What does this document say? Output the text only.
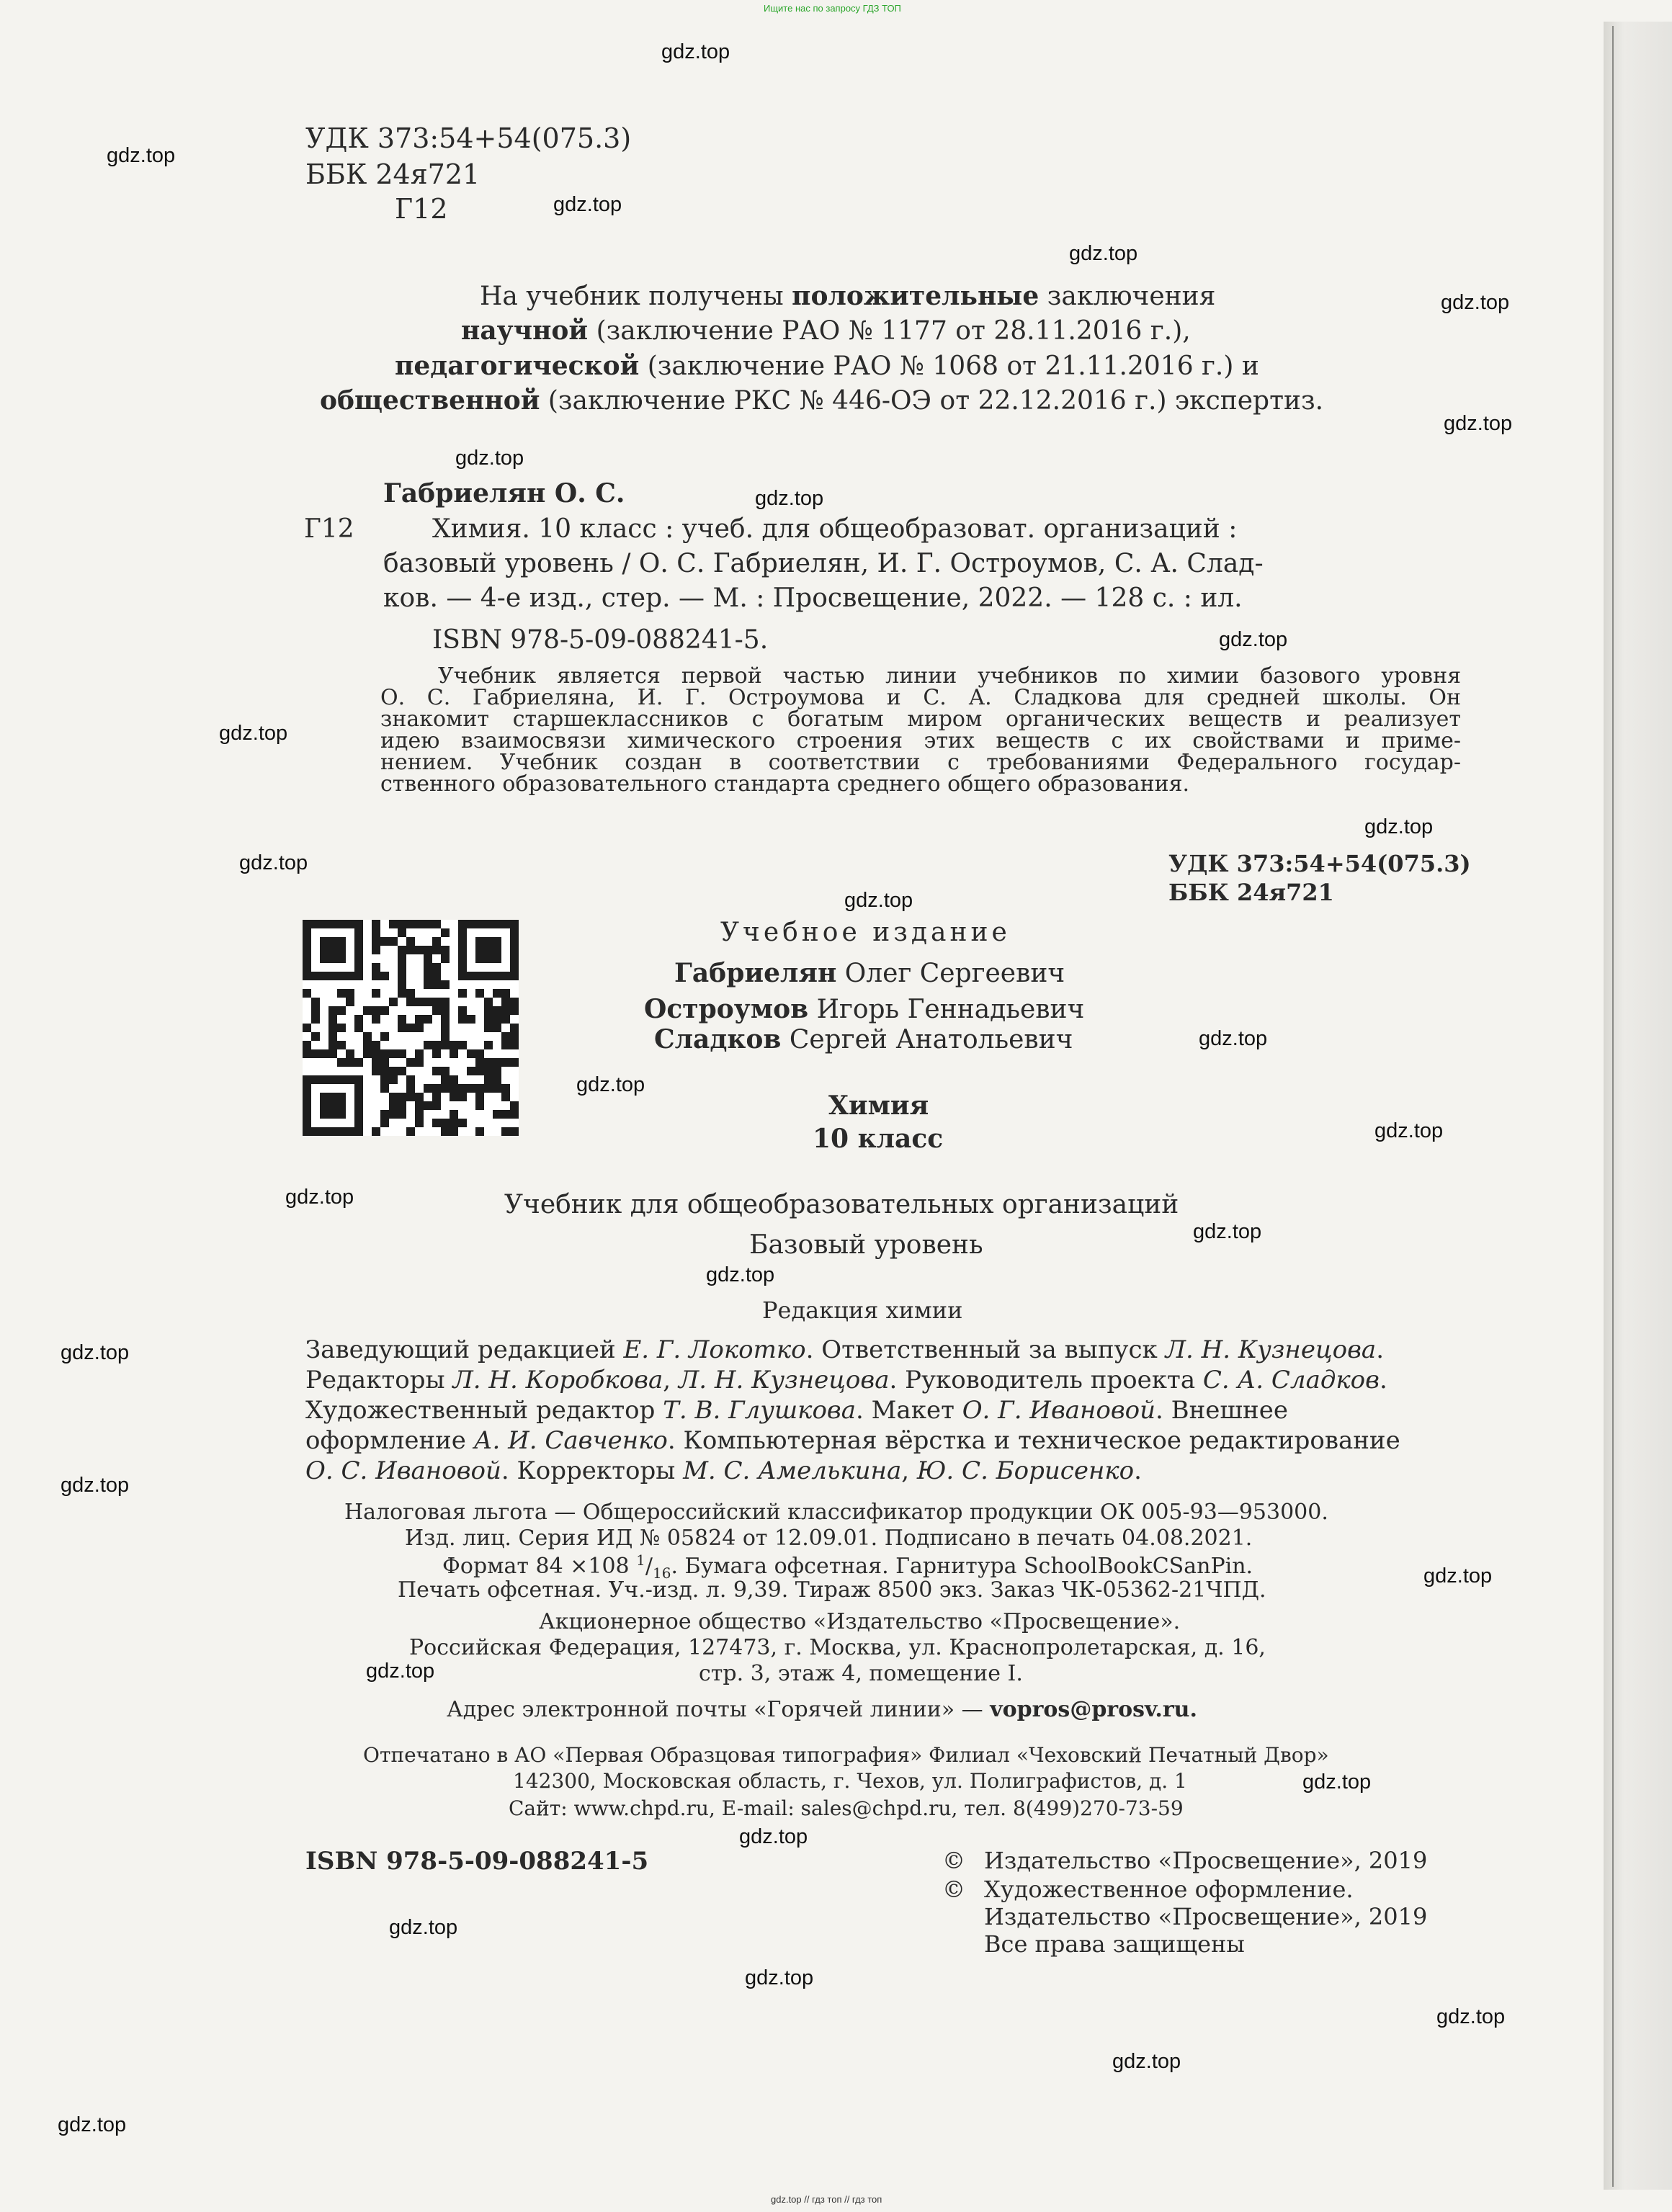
Ищите нас по запросу ГДЗ ТОП
УДК 373:54+54(075.3)
ББК 24я721
Г12
На учебник получены положительные заключения
научной (заключение РАО № 1177 от 28.11.2016 г.),
педагогической (заключение РАО № 1068 от 21.11.2016 г.) и
общественной (заключение РКС № 446-ОЭ от 22.12.2016 г.) экспертиз.
Габриелян О. С.
Г12	Химия. 10 класс : учеб. для общеобразоват. организаций :
базовый уровень / О. С. Габриелян, И. Г. Остроумов, С. А. Слад-
ков. — 4-е изд., стер. — М. : Просвещение, 2022. — 128 с. : ил.
ISBN 978-5-09-088241-5.
Учебник является первой частью линии учебников по химии базового уровня
О. С. Габриеляна, И. Г. Остроумова и С. А. Сладкова для средней школы. Он
знакомит старшеклассников с богатым миром органических веществ и реализует
идею взаимосвязи химического строения этих веществ с их свойствами и приме-
нением. Учебник создан в соответствии с требованиями Федерального государ-
ственного образовательного стандарта среднего общего образования.
УДК 373:54+54(075.3)
ББК 24я721
Учебное издание
Габриелян Олег Сергеевич
Остроумов Игорь Геннадьевич
Сладков Сергей Анатольевич
Химия
10 класс
Учебник для общеобразовательных организаций
Базовый уровень
Редакция химии
Заведующий редакцией Е. Г. Локотко. Ответственный за выпуск Л. Н. Кузнецова.
Редакторы Л. Н. Коробкова, Л. Н. Кузнецова. Руководитель проекта С. А. Сладков.
Художественный редактор Т. В. Глушкова. Макет О. Г. Ивановой. Внешнее
оформление А. И. Савченко. Компьютерная вёрстка и техническое редактирование
О. С. Ивановой. Корректоры М. С. Амелькина, Ю. С. Борисенко.
Налоговая льгота — Общероссийский классификатор продукции ОК 005-93—953000.
Изд. лиц. Серия ИД № 05824 от 12.09.01. Подписано в печать 04.08.2021.
Формат 84 ×108 $^1/_{16}$. Бумага офсетная. Гарнитура SchoolBookCSanPin.
Печать офсетная. Уч.-изд. л. 9,39. Тираж 8500 экз. Заказ ЧК-05362-21ЧПД.
Акционерное общество «Издательство «Просвещение».
Российская Федерация, 127473, г. Москва, ул. Краснопролетарская, д. 16,
стр. 3, этаж 4, помещение I.
Адрес электронной почты «Горячей линии» — vopros@prosv.ru.
Отпечатано в АО «Первая Образцовая типография» Филиал «Чеховский Печатный Двор»
142300, Московская область, г. Чехов, ул. Полиграфистов, д. 1
Сайт: www.chpd.ru, E-mail: sales@chpd.ru, тел. 8(499)270-73-59
ISBN 978-5-09-088241-5	© Издательство «Просвещение», 2019
© Художественное оформление.
Издательство «Просвещение», 2019
Все права защищены
gdz.top
gdz.top
gdz.top
gdz.top
gdz.top
gdz.top
gdz.top
gdz.top
gdz.top
gdz.top
gdz.top
gdz.top
gdz.top
gdz.top
gdz.top
gdz.top
gdz.top
gdz.top
gdz.top
gdz.top
gdz.top
gdz.top
gdz.top
gdz.top
gdz.top
gdz.top
gdz.top
gdz.top
gdz.top
gdz.top
gdz.top // гдз топ // гдз топ
